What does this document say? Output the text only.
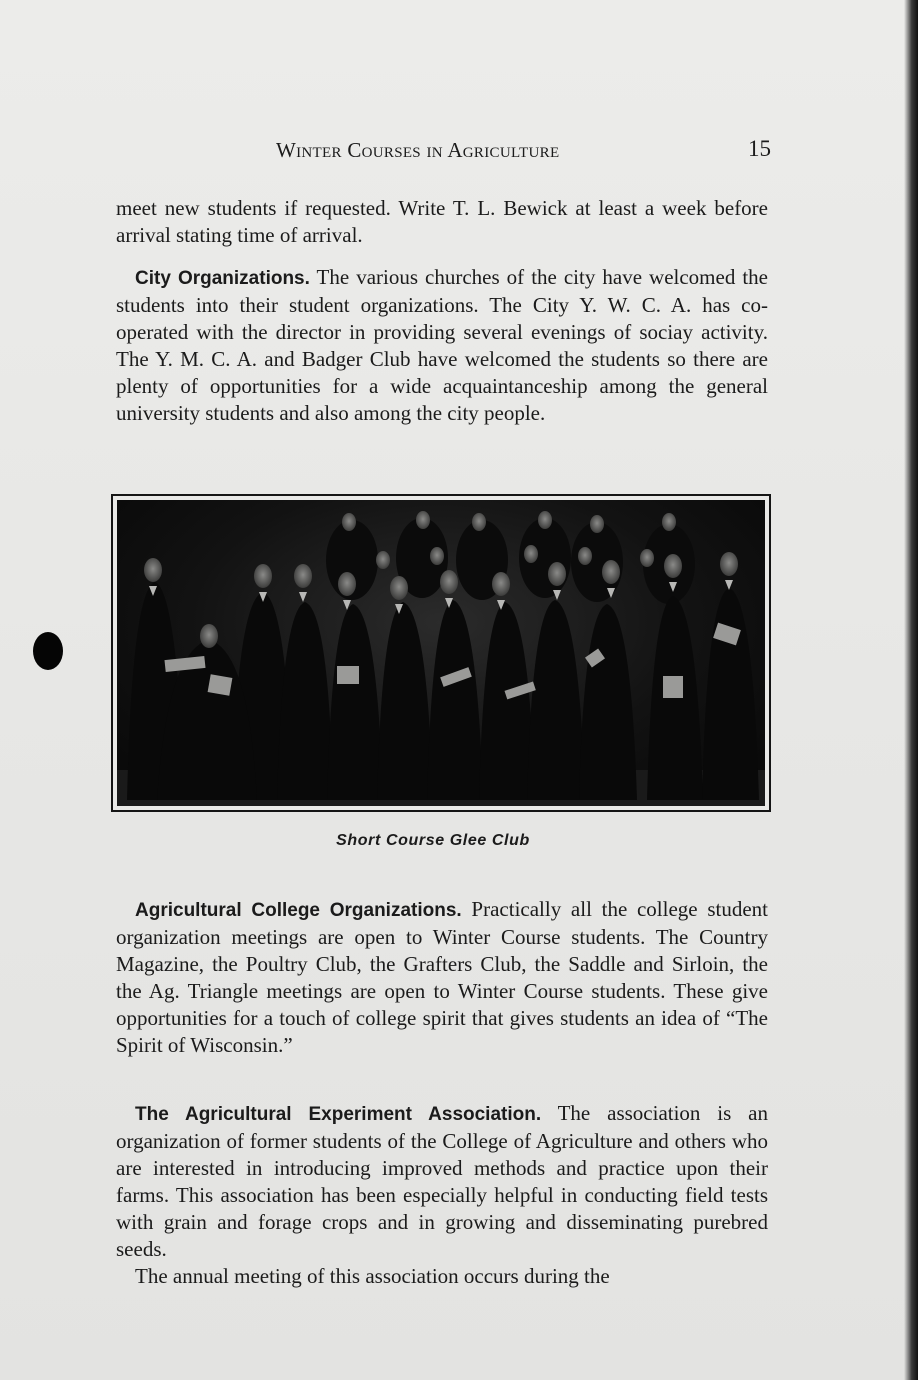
Winter Courses in Agriculture	15

meet new students if requested. Write T. L. Bewick at least a week before arrival stating time of arrival.

City Organizations. The various churches of the city have welcomed the students into their student organizations. The City Y. W. C. A. has co-operated with the director in providing several evenings of sociay activity. The Y. M. C. A. and Badger Club have welcomed the students so there are plenty of opportunities for a wide acquaintanceship among the general university students and also among the city people.

Short Course Glee Club

Agricultural College Organizations. Practically all the college student organization meetings are open to Winter Course students. The Country Magazine, the Poultry Club, the Grafters Club, the Saddle and Sirloin, the the Ag. Triangle meetings are open to Winter Course students. These give opportunities for a touch of college spirit that gives students an idea of “The Spirit of Wisconsin.”

The Agricultural Experiment Association. The association is an organization of former students of the College of Agriculture and others who are interested in introducing improved methods and practice upon their farms. This association has been especially helpful in conducting field tests with grain and forage crops and in growing and disseminating purebred seeds.

The annual meeting of this association occurs during the
